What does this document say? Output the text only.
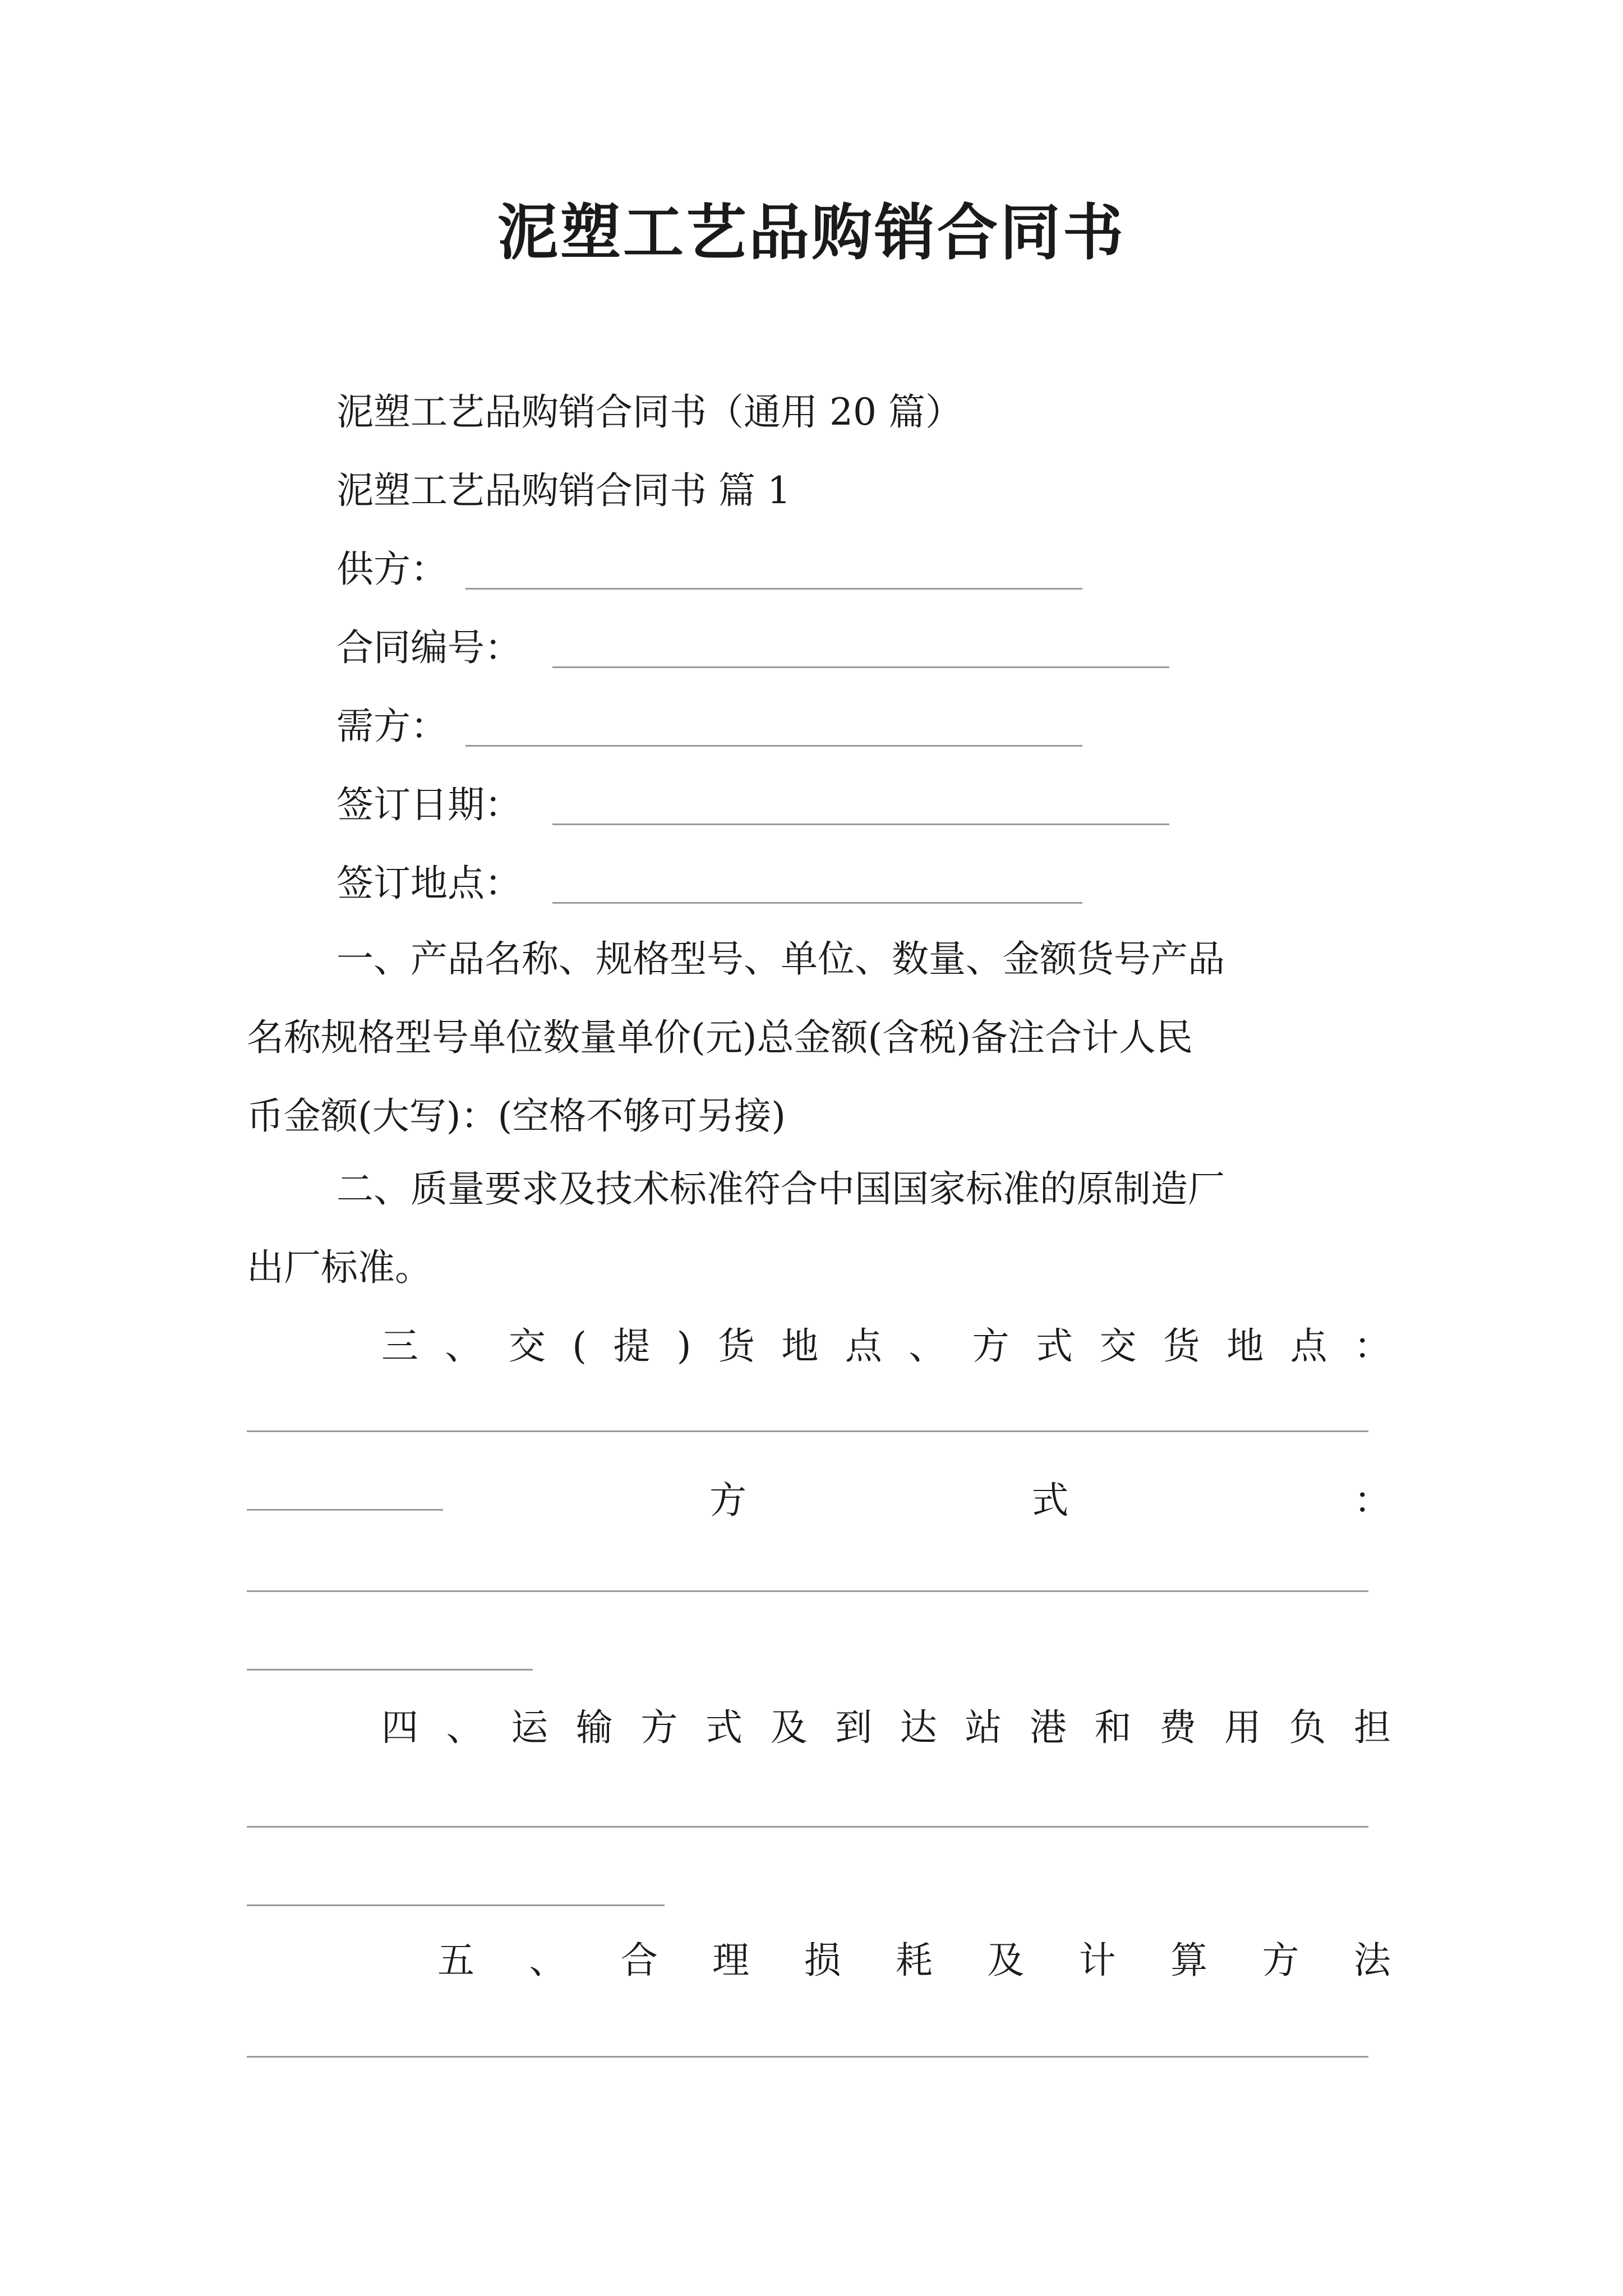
泥塑工艺品购销合同书
泥塑工艺品购销合同书（通用 20 篇）
泥塑工艺品购销合同书 篇 1
供方：
合同编号：
需方：
签订日期：
签订地点：
一、产品名称、规格型号、单位、数量、金额货号产品
名称规格型号单位数量单价(元)总金额(含税)备注合计人民
币金额(大写)：(空格不够可另接)
二、质量要求及技术标准符合中国国家标准的原制造厂
出厂标准。
三 、 交 ( 提 ) 货 地 点 、 方 式 交 货 地 点 ：
方	式	：
四 、 运 输 方 式 及 到 达 站 港 和 费 用 负 担
五 、 合 理 损 耗 及 计 算 方 法
